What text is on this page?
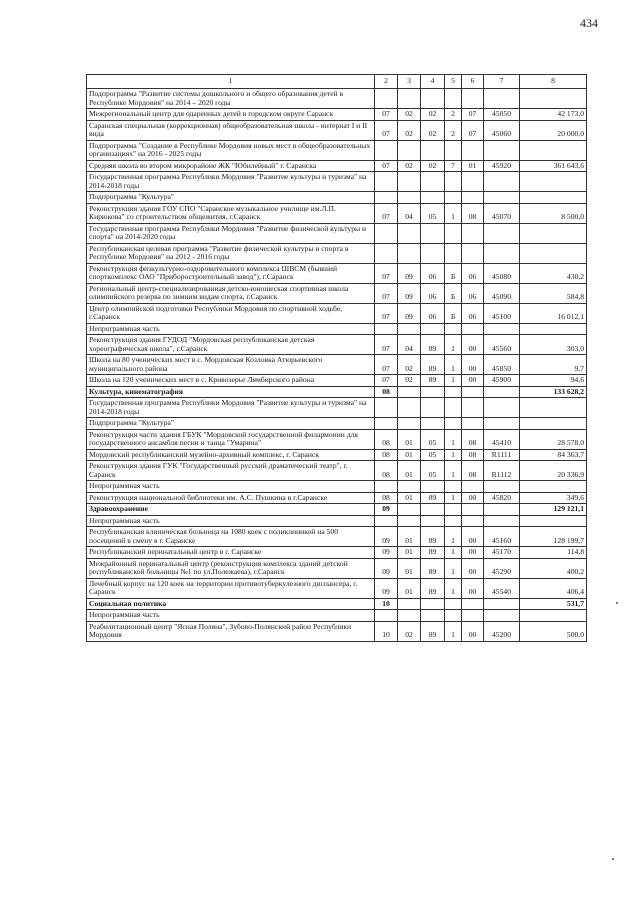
434
1	2	3	4	5	6	7	8
Подпрограмма "Развитие системы дошкольного и общего образования детей в Республике Мордовия" на 2014 – 2020 годы							
Межрегиональный центр для одаренных детей в городском округе Саранск	07	02	02	2	07	45050	42 173,0
Саранская специальная (коррекционная) общеобразовательная школа - интернат I и II вида	07	02	02	2	07	45060	20 000,0
Подпрограмма "Создание в Республике Мордовия новых мест в общеобразовательных организациях" на 2016 - 2025 годы							
Средняя школа во втором микрорайоне ЖК "Юбилейный" г. Саранска	07	02	02	7	01	45920	361 643,6
Государственная программа Республики Мордовия "Развитие культуры и туризма" на 2014-2018 годы							
Подпрограмма "Культура"							
Реконструкция здания ГОУ СПО "Саранское музыкальное училище им.Л.П. Кирюкова" со строительством общежития, г.Саранск	07	04	05	1	08	45070	8 500,0
Государственная программа Республики Мордовия "Развитие физической культуры и спорта" на 2014-2020 годы							
Республиканская целевая программа "Развитие физической культуры и спорта в Республике Мордовия" на 2012 - 2016 годы							
Реконструкция физкультурно-оздоровительного комплекса ШВСМ (бывший спорткомплекс ОАО "Приборостроительный завод"), г.Саранск	07	09	06	Б	06	45080	430,2
Региональный центр-специализированная детско-юношеская спортивная школа олимпийского резерва по зимним видам спорта, г.Саранск	07	09	06	Б	06	45090	584,8
Центр олимпийской подготовки Республики Мордовия по спортивной ходьбе, г.Саранск	07	09	06	Б	06	45100	16 012,1
Непрограммная часть							
Реконструкция здания ГУДОД "Мордовская республиканская детская хореографическая школа", г.Саранск	07	04	89	1	00	45560	303,0
Школа на 80 ученических мест в с. Мордовская Козловка Атюрьевского муниципального района	07	02	89	1	00	45850	9,7
Школа на 120 ученических мест в с. Кривозерье Лямбирского района	07	02	89	1	00	45900	94,6
Культура, кинематография	08						133 628,2
Государственная программа Республики Мордовия "Развитие культуры и туризма" на 2014-2018 годы							
Подпрограмма "Культура"							
Реконструкция части здания ГБУК "Мордовской государственной филармонии для государственного ансамбля песни и танца "Умарина"	08	01	05	1	08	45410	28 578,0
Мордовский республиканский музейно-архивный комплекс, г. Саранск	08	01	05	1	08	R1111	84 363,7
Реконструкция здания ГУК "Государственный русский драматический театр", г. Саранск	08	01	05	1	08	R1112	20 336,9
Непрограммная часть							
Реконструкция национальной библиотеки им. А.С. Пушкина в г.Саранске	08	01	89	1	00	45820	349,6
Здравоохранение	09						129 121,1
Непрограммная часть							
Республиканская клиническая больница на 1080 коек с поликлиникой на 500 посещений в смену в г. Саранске	09	01	89	1	00	45160	128 199,7
Республиканский перинатальный центр в г. Саранске	09	01	89	1	00	45170	114,8
Межрайонный перинатальный центр (реконструкция комплекса зданий детской республиканской больницы №1 по ул.Полежаева), г.Саранск	09	01	89	1	00	45290	400,2
Лечебный корпус на 120 коек на территории противотуберкулезного диспансера, г. Саранск	09	01	89	1	00	45540	406,4
Социальная политика	10						531,7
Непрограммная часть							
Реабилитационный центр "Ясная Поляна", Зубово-Полянский район Республики Мордовия	10	02	89	1	00	45200	500,0
